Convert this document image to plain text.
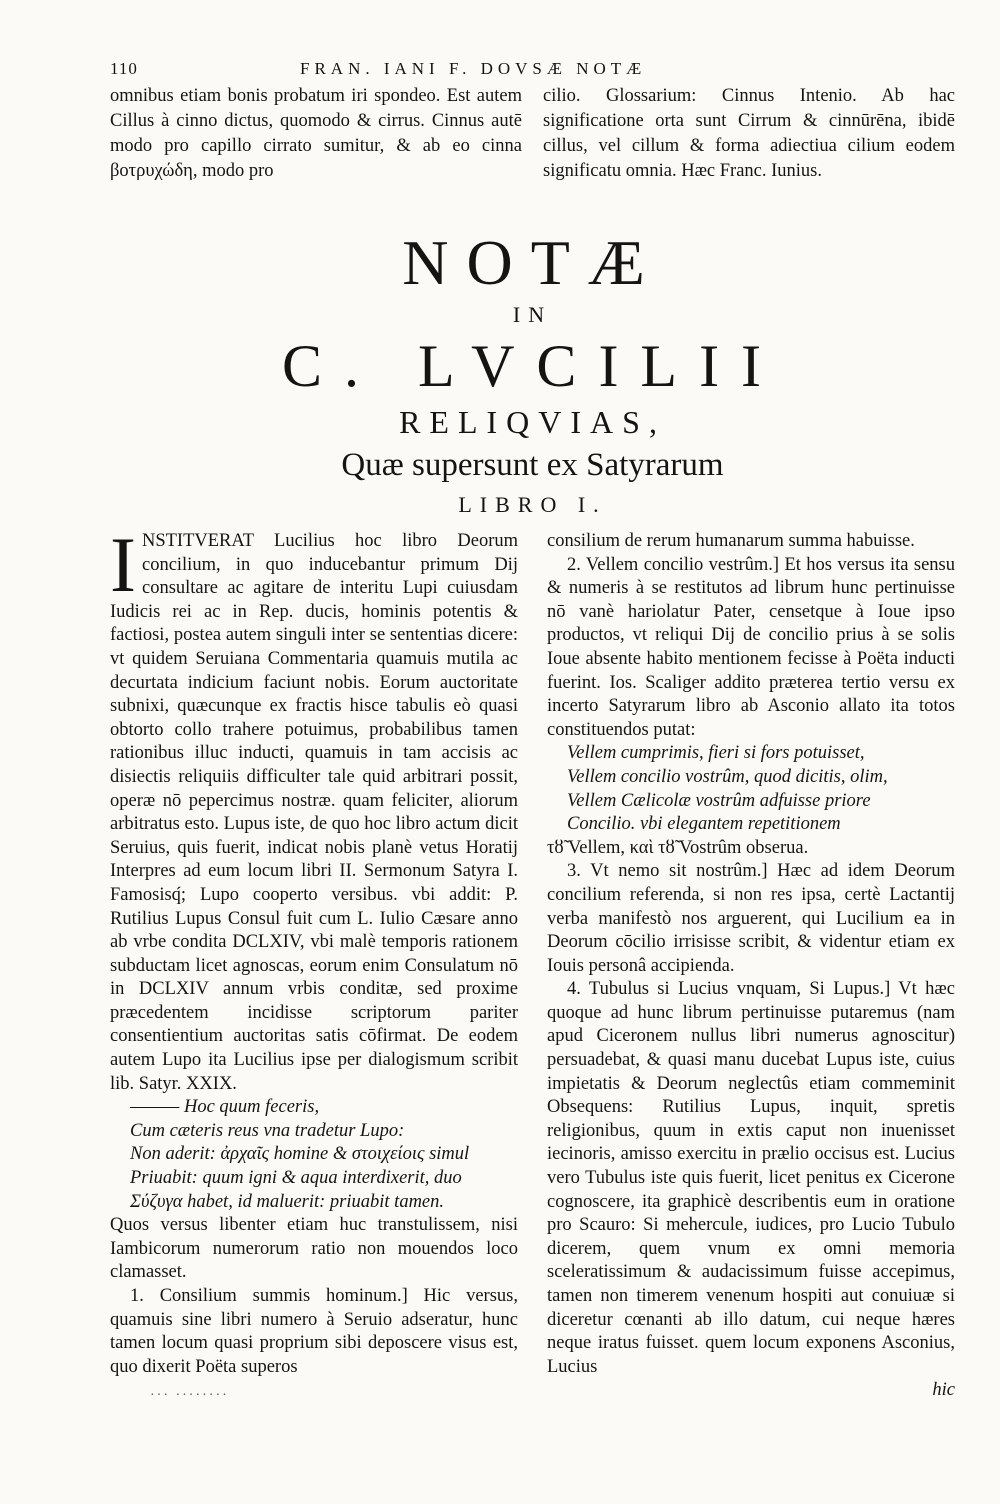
110	FRAN. IANI F. DOVSÆ NOTÆ
omnibus etiam bonis probatum iri spondeo. Est autem Cillus à cinno dictus, quomodo & cirrus. Cinnus autē modo pro capillo cirrato sumitur, & ab eo cinna βοτρυχώδη, modo pro
cilio. Glossarium: Cinnus Intenio. Ab hac significatione orta sunt Cirrum & cinnūrēna, ibidē cillus, vel cillum & forma adiectiua cilium eodem significatu omnia. Hæc Franc. Iunius.
NOTÆ
IN
C. LVCILII
RELIQVIAS,
Quæ supersunt ex Satyrarum
LIBRO I.

INSTITVERAT Lucilius hoc libro Deorum concilium, in quo inducebantur primum Dij consultare ac agitare de interitu Lupi cuiusdam Iudicis rei ac in Rep. ducis, hominis potentis & factiosi, postea autem singuli inter se sententias dicere: vt quidem Seruiana Commentaria quamuis mutila ac decurtata indicium faciunt nobis. Eorum auctoritate subnixi, quæcunque ex fractis hisce tabulis eò quasi obtorto collo trahere potuimus, probabilibus tamen rationibus illuc inducti, quamuis in tam accisis ac disiectis reliquiis difficulter tale quid arbitrari possit, operæ nō pepercimus nostræ. quam feliciter, aliorum arbitratus esto. Lupus iste, de quo hoc libro actum dicit Seruius, quis fuerit, indicat nobis planè vetus Horatij Interpres ad eum locum libri II. Sermonum Satyra I. Famosisq́; Lupo cooperto versibus. vbi addit: P. Rutilius Lupus Consul fuit cum L. Iulio Cæsare anno ab vrbe condita DCLXIV, vbi malè temporis rationem subductam licet agnoscas, eorum enim Consulatum nō in DCLXIV annum vrbis conditæ, sed proxime præcedentem incidisse scriptorum pariter consentientium auctoritas satis cōfirmat. De eodem autem Lupo ita Lucilius ipse per dialogismum scribit lib. Satyr. XXIX.

——— Hoc quum feceris,
Cum cæteris reus vna tradetur Lupo:
Non aderit: ἀρχαῖς homine & στοιχείοις simul
Priuabit: quum igni & aqua interdixerit, duo
Σύζυγα habet, id maluerit: priuabit tamen.

Quos versus libenter etiam huc transtulissem, nisi Iambicorum numerorum ratio non mouendos loco clamasset.

1. Consilium summis hominum.] Hic versus, quamuis sine libri numero à Seruio adseratur, hunc tamen locum quasi proprium sibi deposcere visus est, quo dixerit Poëta superos

consilium de rerum humanarum summa habuisse.

2. Vellem concilio vestrûm.] Et hos versus ita sensu & numeris à se restitutos ad librum hunc pertinuisse nō vanè hariolatur Pater, censetque à Ioue ipso productos, vt reliqui Dij de concilio prius à se solis Ioue absente habito mentionem fecisse à Poëta inducti fuerint. Ios. Scaliger addito præterea tertio versu ex incerto Satyrarum libro ab Asconio allato ita totos constituendos putat:

Vellem cumprimis, fieri si fors potuisset,
Vellem concilio vostrûm, quod dicitis, olim,
Vellem Cælicolæ vostrûm adfuisse priore
Concilio. vbi elegantem repetitionem

τȣ̃ Vellem, καὶ τȣ̃ Vostrûm obserua.

3. Vt nemo sit nostrûm.] Hæc ad idem Deorum concilium referenda, si non res ipsa, certè Lactantij verba manifestò nos arguerent, qui Lucilium ea in Deorum cōcilio irrisisse scribit, & videntur etiam ex Iouis personâ accipienda.

4. Tubulus si Lucius vnquam, Si Lupus.] Vt hæc quoque ad hunc librum pertinuisse putaremus (nam apud Ciceronem nullus libri numerus agnoscitur) persuadebat, & quasi manu ducebat Lupus iste, cuius impietatis & Deorum neglectûs etiam commeminit Obsequens: Rutilius Lupus, inquit, spretis religionibus, quum in extis caput non inuenisset iecinoris, amisso exercitu in prælio occisus est. Lucius vero Tubulus iste quis fuerit, licet penitus ex Cicerone cognoscere, ita graphicè describentis eum in oratione pro Scauro: Si mehercule, iudices, pro Lucio Tubulo dicerem, quem vnum ex omni memoria sceleratissimum & audacissimum fuisse accepimus, tamen non timerem venenum hospiti aut conuiuæ si diceretur cœnanti ab illo datum, cui neque hæres neque iratus fuisset. quem locum exponens Asconius, Lucius

hic
··· ········
